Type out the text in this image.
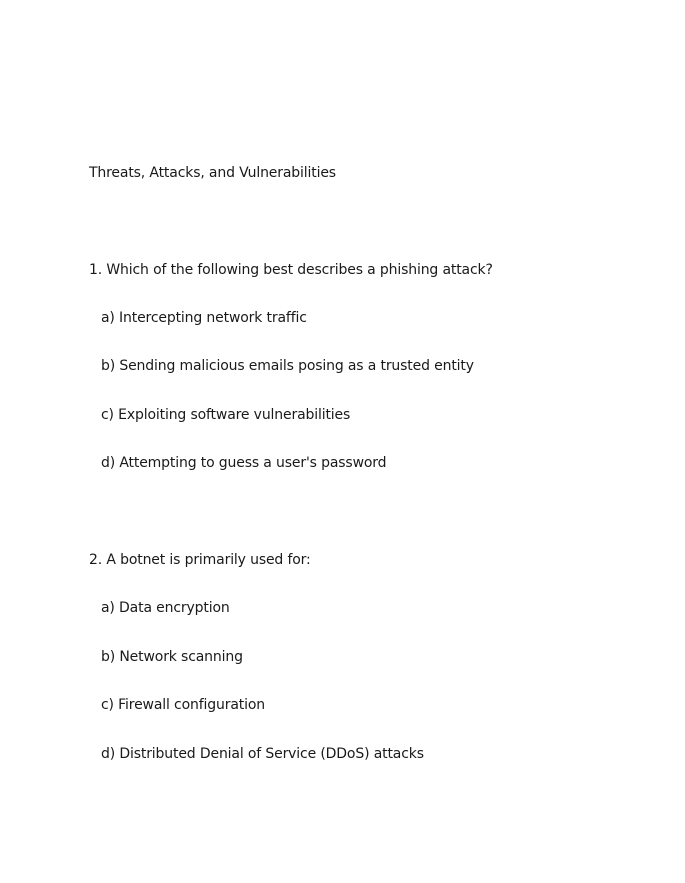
Threats, Attacks, and Vulnerabilities
1. Which of the following best describes a phishing attack?
a) Intercepting network traffic
b) Sending malicious emails posing as a trusted entity
c) Exploiting software vulnerabilities
d) Attempting to guess a user's password
2. A botnet is primarily used for:
a) Data encryption
b) Network scanning
c) Firewall configuration
d) Distributed Denial of Service (DDoS) attacks
